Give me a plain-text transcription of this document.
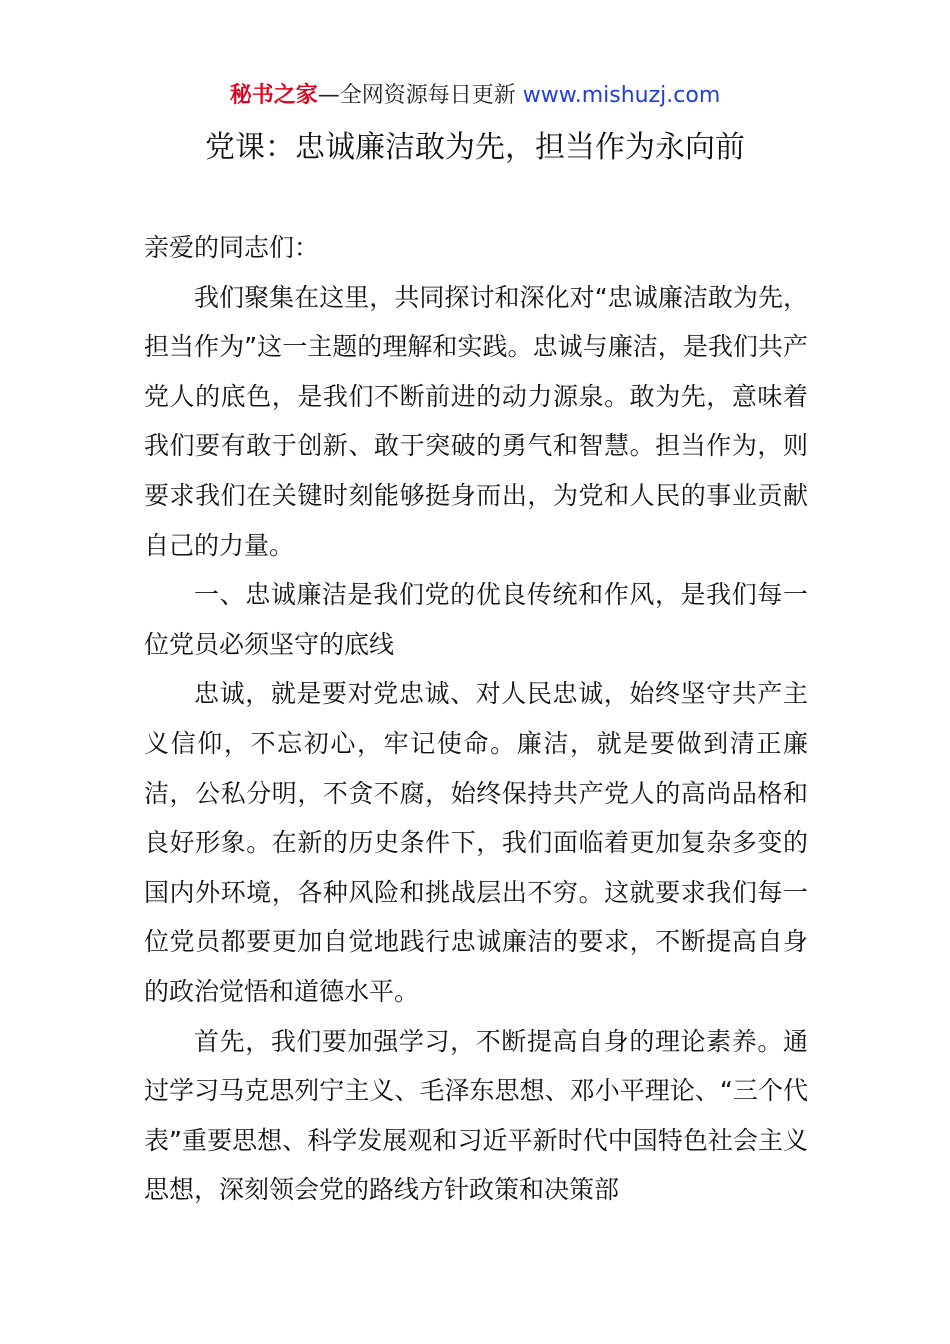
秘书之家—全网资源每日更新 www.mishuzj.com
党课：忠诚廉洁敢为先，担当作为永向前

亲爱的同志们：

我们聚集在这里，共同探讨和深化对“忠诚廉洁敢为先，担当作为”这一主题的理解和实践。忠诚与廉洁，是我们共产党人的底色，是我们不断前进的动力源泉。敢为先，意味着我们要有敢于创新、敢于突破的勇气和智慧。担当作为，则要求我们在关键时刻能够挺身而出，为党和人民的事业贡献自己的力量。

一、忠诚廉洁是我们党的优良传统和作风，是我们每一位党员必须坚守的底线

忠诚，就是要对党忠诚、对人民忠诚，始终坚守共产主义信仰，不忘初心，牢记使命。廉洁，就是要做到清正廉洁，公私分明，不贪不腐，始终保持共产党人的高尚品格和良好形象。在新的历史条件下，我们面临着更加复杂多变的国内外环境，各种风险和挑战层出不穷。这就要求我们每一位党员都要更加自觉地践行忠诚廉洁的要求，不断提高自身的政治觉悟和道德水平。

首先，我们要加强学习，不断提高自身的理论素养。通过学习马克思列宁主义、毛泽东思想、邓小平理论、“三个代表”重要思想、科学发展观和习近平新时代中国特色社会主义思想，深刻领会党的路线方针政策和决策部
